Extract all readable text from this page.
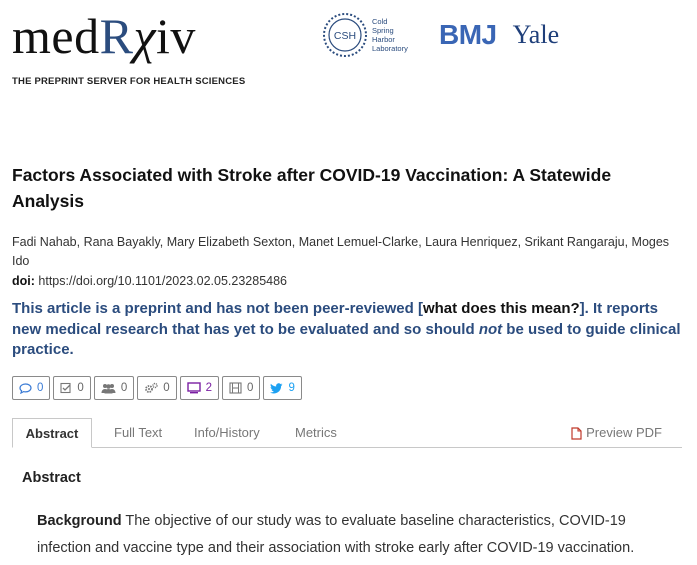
medRχiv
THE PREPRINT SERVER FOR HEALTH SCIENCES
CSH
Cold
Spring
Harbor
Laboratory	BMJ Yale
Factors Associated with Stroke after COVID-19 Vaccination: A Statewide Analysis
Fadi Nahab, Rana Bayakly, Mary Elizabeth Sexton, Manet Lemuel-Clarke, Laura Henriquez, Srikant Rangaraju, Moges Ido
doi: https://doi.org/10.1101/2023.02.05.23285486
This article is a preprint and has not been peer-reviewed [what does this mean?]. It reports new medical research that has yet to be evaluated and so should not be used to guide clinical practice.
0	0	0	0	2	0	9
Abstract	Full Text Info/History	Metrics	Preview PDF
Abstract

Background The objective of our study was to evaluate baseline characteristics, COVID-19 infection and vaccine type and their association with stroke early after COVID-19 vaccination.
